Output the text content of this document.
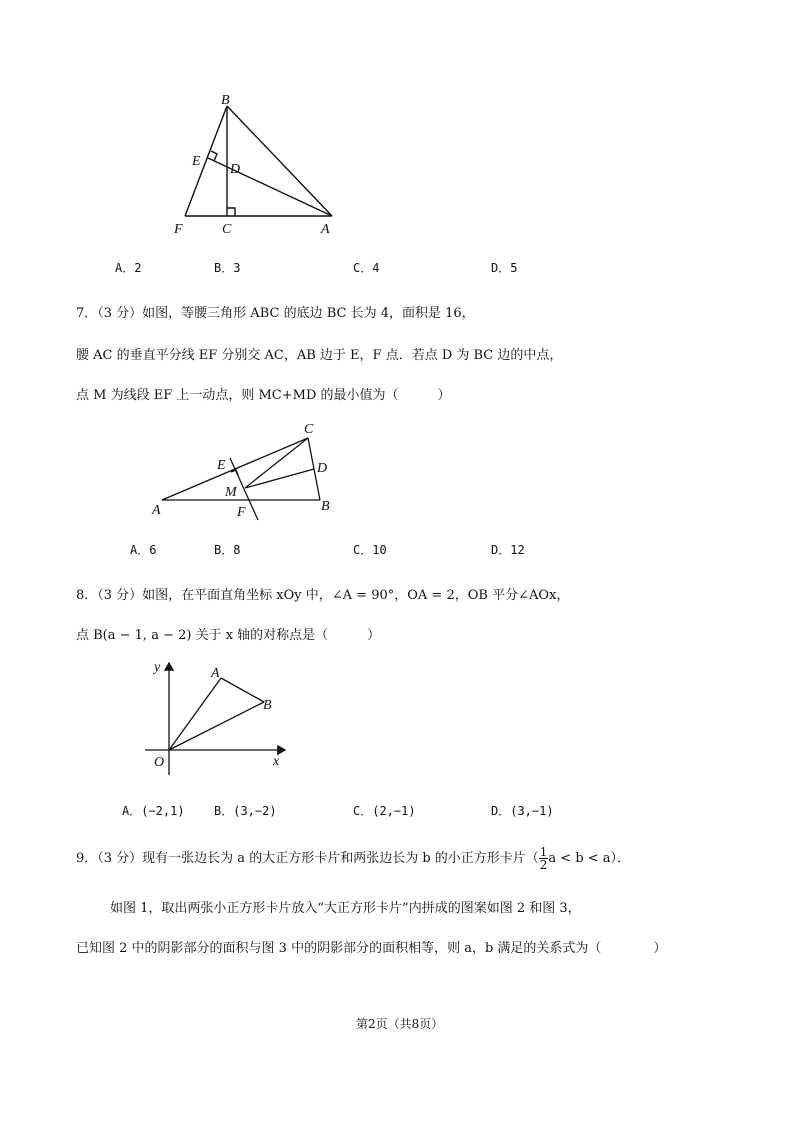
B
E
D
F	C	A
A．2	B．3	C．4	D．5
7．（3 分）如图，等腰三角形 ABC 的底边 BC 长为 4，面积是 16，
腰 AC 的垂直平分线 EF 分别交 AC，AB 边于 E，F 点．若点 D 为 BC 边的中点，
点 M 为线段 EF 上一动点，则 MC+MD 的最小值为（　　　）
C
E	D
M
A	F	B
A．6	B．8	C．10	D．12
8．（3 分）如图，在平面直角坐标 xOy 中，∠A = 90°，OA = 2，OB 平分∠AOx，
点 B(a − 1, a − 2) 关于 x 轴的对称点是（　　　）
y	A
B
O	x
A．(−2,1) B．(3,−2)	C．(2,−1)	D．(3,−1)
9．（3 分）现有一张边长为 a 的大正方形卡片和两张边长为 b 的小正方形卡片（ $\frac{1}{2}$ a < b < a）．
如图 1，取出两张小正方形卡片放入“大正方形卡片”内拼成的图案如图 2 和图 3，
已知图 2 中的阴影部分的面积与图 3 中的阴影部分的面积相等，则 a，b 满足的关系式为（　　　　）
第2页（共8页）
